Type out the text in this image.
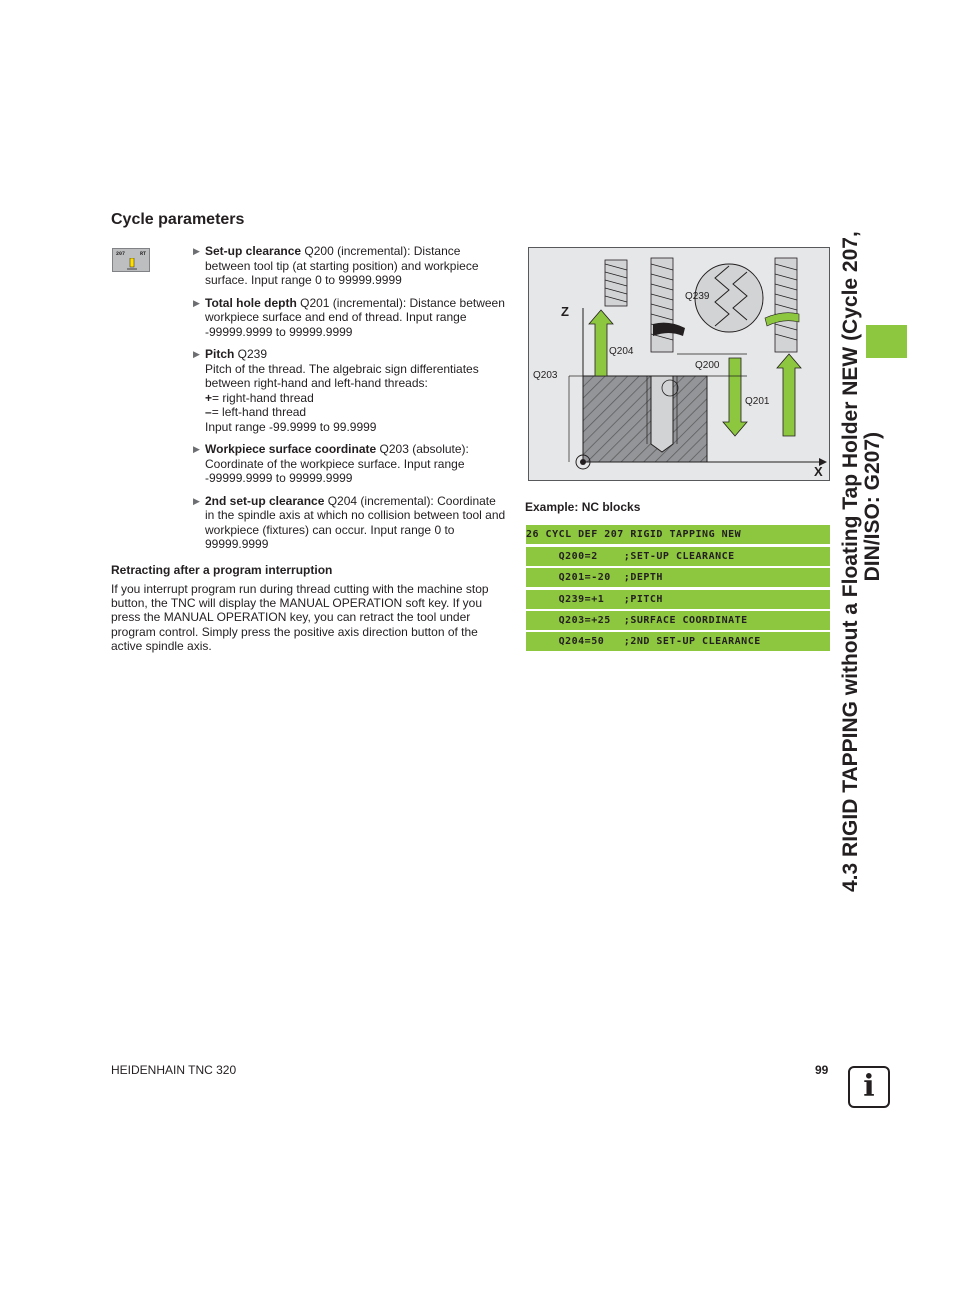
Cycle parameters
207	RT	▶ Set-up clearance Q200 (incremental): Distance between tool tip (at starting position) and workpiece surface. Input range 0 to 99999.9999
▶ Total hole depth Q201 (incremental): Distance between workpiece surface and end of thread. Input range -99999.9999 to 99999.9999
▶ Pitch Q239
Pitch of the thread. The algebraic sign differentiates between right-hand and left-hand threads:
+= right-hand thread
–= left-hand thread
Input range -99.9999 to 99.9999
▶ Workpiece surface coordinate Q203 (absolute): Coordinate of the workpiece surface. Input range -99999.9999 to 99999.9999
▶ 2nd set-up clearance Q204 (incremental): Coordinate in the spindle axis at which no collision between tool and workpiece (fixtures) can occur. Input range 0 to 99999.9999
Retracting after a program interruption
If you interrupt program run during thread cutting with the machine stop button, the TNC will display the MANUAL OPERATION soft key. If you press the MANUAL OPERATION key, you can retract the tool under program control. Simply press the positive axis direction button of the active spindle axis.
Z
X
Q203
Q239
Q204
Q201
Q200
Example: NC blocks
26 CYCL DEF 207 RIGID TAPPING NEW
Q200=2    ;SET-UP CLEARANCE
Q201=-20  ;DEPTH
Q239=+1   ;PITCH
Q203=+25  ;SURFACE COORDINATE
Q204=50   ;2ND SET-UP CLEARANCE	4.3 RIGID TAPPING without a Floating Tap Holder NEW (Cycle 207, DIN/ISO: G207)
HEIDENHAIN TNC 320	99	i
